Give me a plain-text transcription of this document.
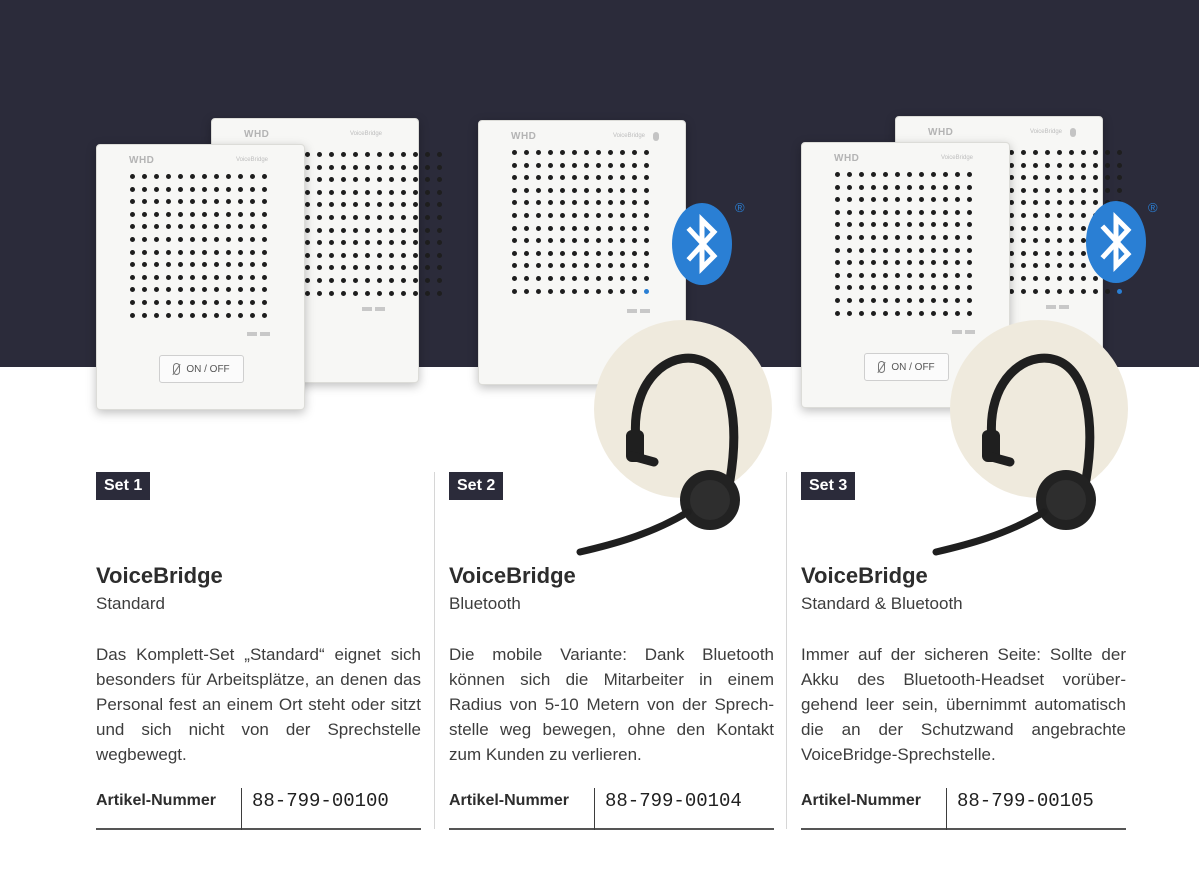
WHD	VoiceBridge
WHD	VoiceBridge
ON / OFF
WHD	VoiceBridge
®
WHD	VoiceBridge
WHD	VoiceBridge
ON / OFF
®
Set 1
VoiceBridge
Standard
Das Komplett-Set „Standard“ eignet sich besonders für Arbeitsplätze, an denen das Personal fest an einem Ort steht oder sitzt und sich nicht von der Sprechstelle wegbewegt.
Artikel-Nummer 88-799-00100
Set 2
VoiceBridge
Bluetooth
Die mobile Variante: Dank Bluetooth können sich die Mitarbeiter in einem Radius von 5-10 Metern von der Sprechstelle weg bewegen, ohne den Kontakt zum Kunden zu verlieren.
Artikel-Nummer 88-799-00104
Set 3
VoiceBridge
Standard & Bluetooth
Immer auf der sicheren Seite: Sollte der Akku des Bluetooth-Headset vorübergehend leer sein, übernimmt automatisch die an der Schutzwand angebrachte VoiceBridge-Sprechstelle.
Artikel-Nummer 88-799-00105
